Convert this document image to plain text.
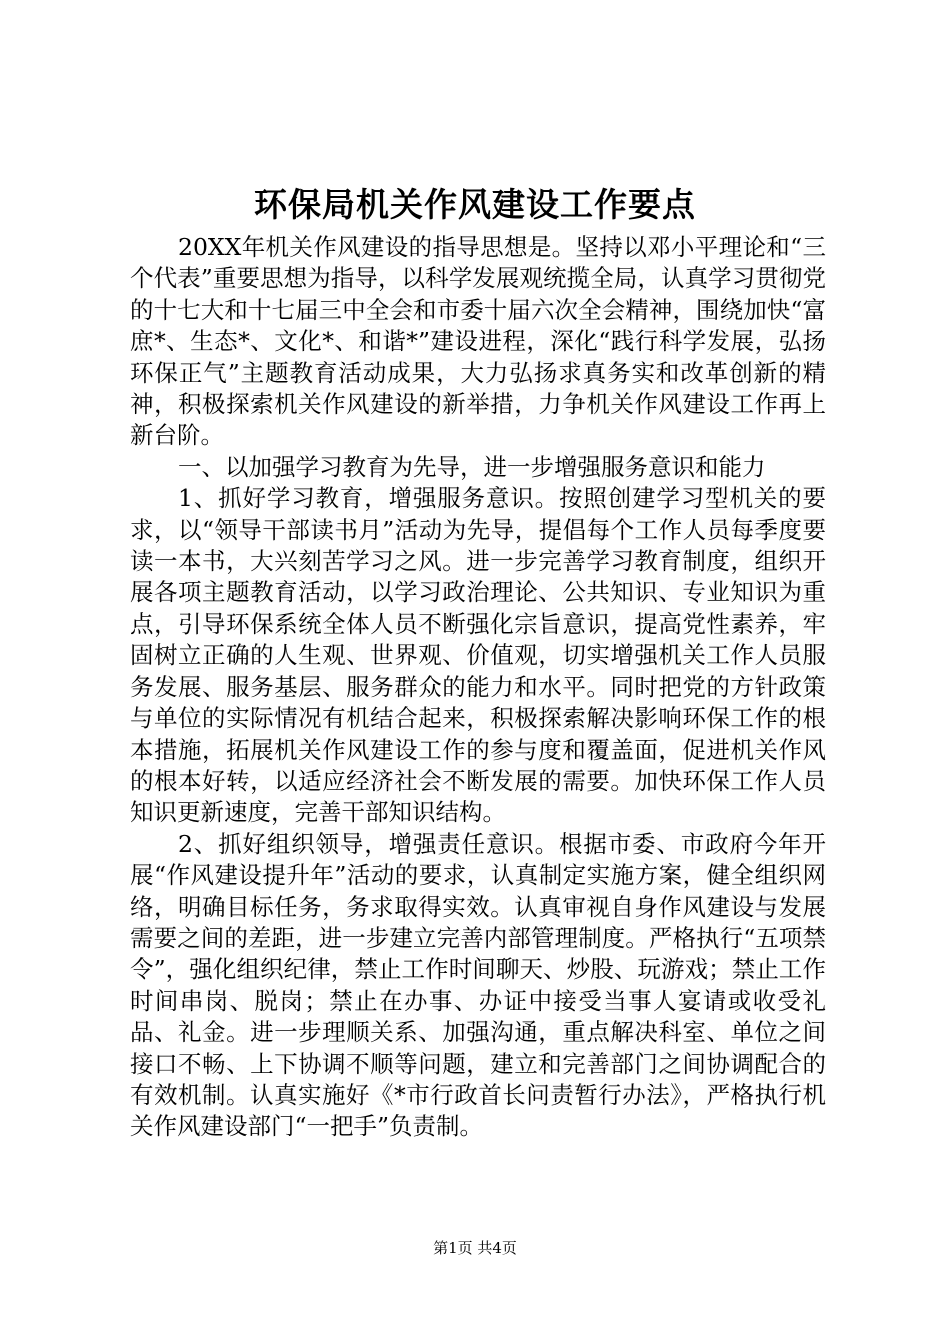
环保局机关作风建设工作要点

20XX年机关作风建设的指导思想是。坚持以邓小平理论和“三个代表”重要思想为指导，以科学发展观统揽全局，认真学习贯彻党的十七大和十七届三中全会和市委十届六次全会精神，围绕加快“富庶*、生态*、文化*、和谐*”建设进程，深化“践行科学发展，弘扬环保正气”主题教育活动成果，大力弘扬求真务实和改革创新的精神，积极探索机关作风建设的新举措，力争机关作风建设工作再上新台阶。

一、以加强学习教育为先导，进一步增强服务意识和能力

1、抓好学习教育，增强服务意识。按照创建学习型机关的要求，以“领导干部读书月”活动为先导，提倡每个工作人员每季度要读一本书，大兴刻苦学习之风。进一步完善学习教育制度，组织开展各项主题教育活动，以学习政治理论、公共知识、专业知识为重点，引导环保系统全体人员不断强化宗旨意识，提高党性素养，牢固树立正确的人生观、世界观、价值观，切实增强机关工作人员服务发展、服务基层、服务群众的能力和水平。同时把党的方针政策与单位的实际情况有机结合起来，积极探索解决影响环保工作的根本措施，拓展机关作风建设工作的参与度和覆盖面，促进机关作风的根本好转，以适应经济社会不断发展的需要。加快环保工作人员知识更新速度，完善干部知识结构。

2、抓好组织领导，增强责任意识。根据市委、市政府今年开展“作风建设提升年”活动的要求，认真制定实施方案，健全组织网络，明确目标任务，务求取得实效。认真审视自身作风建设与发展需要之间的差距，进一步建立完善内部管理制度。严格执行“五项禁令”，强化组织纪律，禁止工作时间聊天、炒股、玩游戏；禁止工作时间串岗、脱岗；禁止在办事、办证中接受当事人宴请或收受礼品、礼金。进一步理顺关系、加强沟通，重点解决科室、单位之间接口不畅、上下协调不顺等问题，建立和完善部门之间协调配合的有效机制。认真实施好《*市行政首长问责暂行办法》，严格执行机关作风建设部门“一把手”负责制。

第1页 共4页
